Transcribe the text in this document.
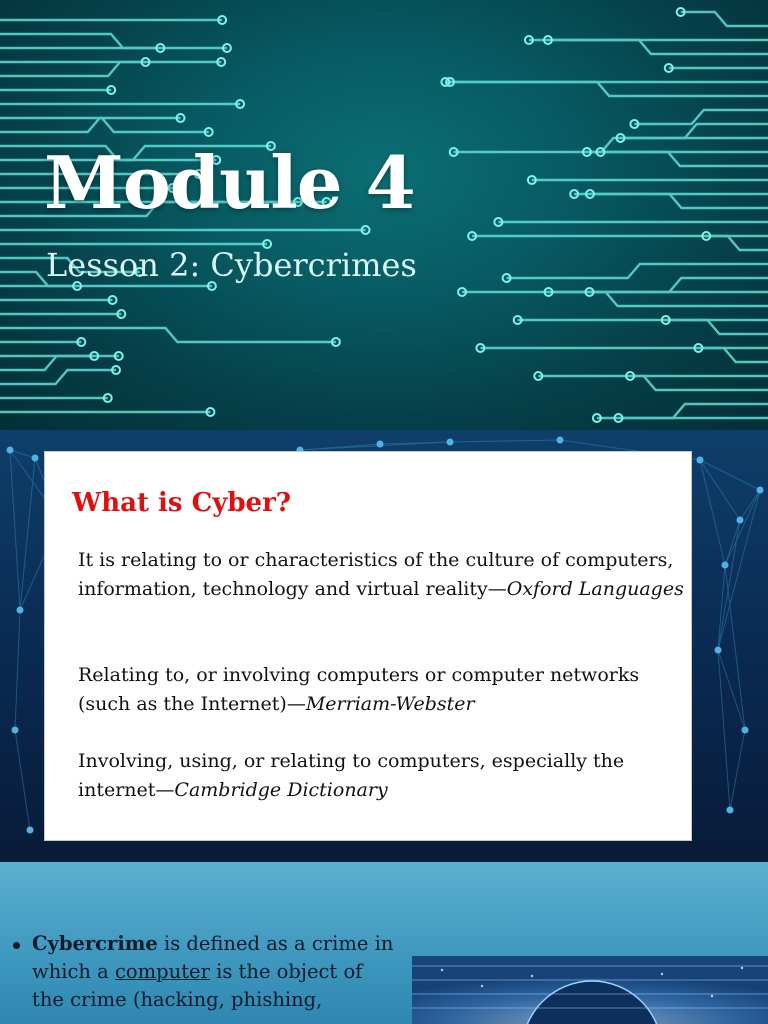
Module 4
Lesson 2: Cybercrimes
What is Cyber?
It is relating to or characteristics of the culture of computers, information, technology and virtual reality—Oxford Languages
Relating to, or involving computers or computer networks (such as the Internet)—Merriam-Webster
Involving, using, or relating to computers, especially the internet—Cambridge Dictionary
Cybercrime is defined as a crime in which a computer is the object of the crime (hacking, phishing,
